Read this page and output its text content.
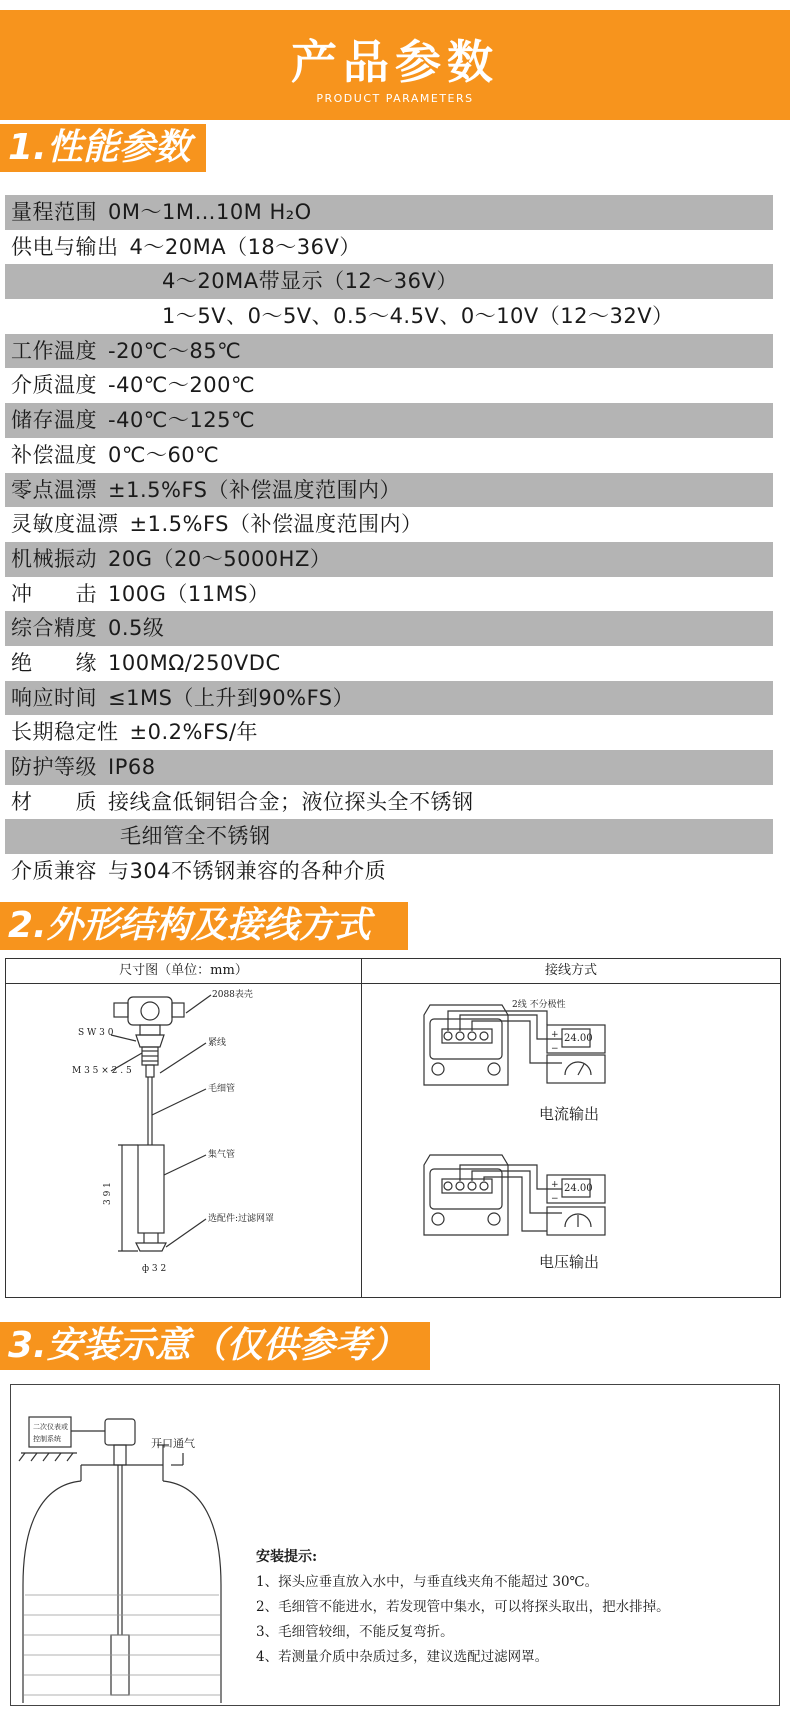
产品参数
PRODUCT PARAMETERS
1.性能参数
量程范围  0M～1M…10M H₂O
供电与输出  4～20MA（18～36V）
4～20MA带显示（12～36V）
1～5V、0～5V、0.5～4.5V、0～10V（12～32V）
工作温度  -20℃～85℃
介质温度  -40℃～200℃
储存温度  -40℃～125℃
补偿温度  0℃～60℃
零点温漂  ±1.5%FS（补偿温度范围内）
灵敏度温漂  ±1.5%FS（补偿温度范围内）
机械振动  20G（20～5000HZ）
冲　　击  100G（11MS）
综合精度  0.5级
绝　　缘  100MΩ/250VDC
响应时间  ≤1MS（上升到90%FS）
长期稳定性  ±0.2%FS/年
防护等级  IP68
材　　质  接线盒低铜铝合金；液位探头全不锈钢
毛细管全不锈钢
介质兼容  与304不锈钢兼容的各种介质
2.外形结构及接线方式
尺寸图（单位：mm）	接线方式
2088表壳
S W 3 0
M 3 5 × 2 . 5
紧线
毛细管
集气管
3 9 1
ф 3 2
选配件:过滤网罩
2线 不分极性
24.00
24.00
+
−
+
−
电流输出
电压输出
3.安装示意（仅供参考）
二次仪表或
控制系统	开口通气
安装提示:
1、探头应垂直放入水中，与垂直线夹角不能超过 30℃。
2、毛细管不能进水，若发现管中集水，可以将探头取出，把水排掉。
3、毛细管较细，不能反复弯折。
4、若测量介质中杂质过多，建议选配过滤网罩。
